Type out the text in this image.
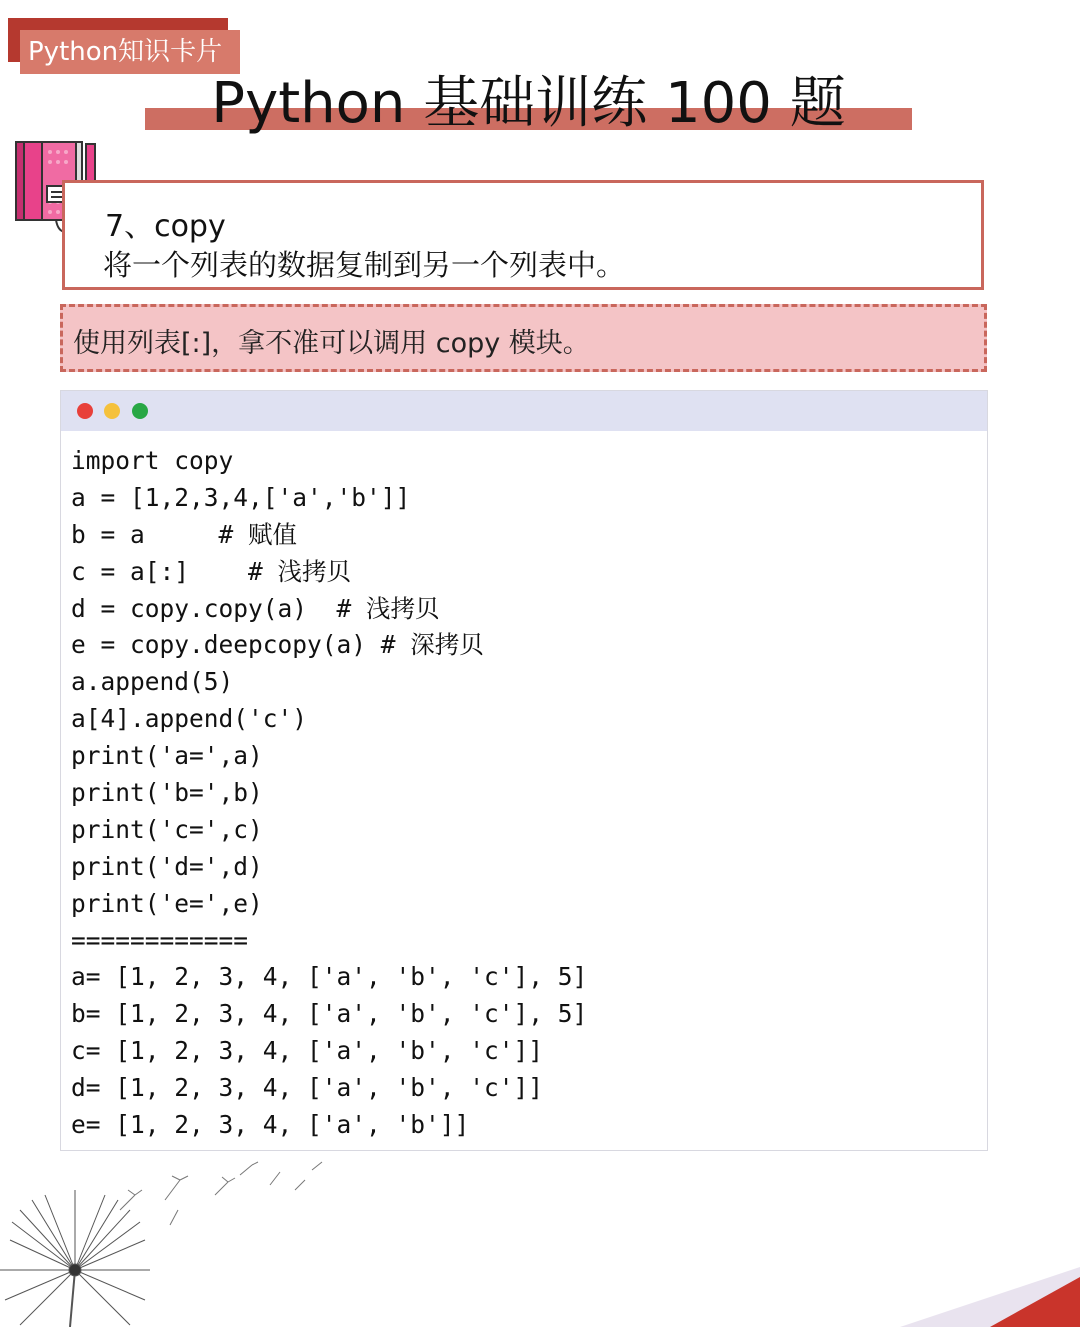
Python知识卡片
Python 基础训练 100 题
7、copy
将一个列表的数据复制到另一个列表中。
使用列表[:]，拿不准可以调用 copy 模块。
import copy
a = [1,2,3,4,['a','b']]
b = a     # 赋值
c = a[:]    # 浅拷贝
d = copy.copy(a)  # 浅拷贝
e = copy.deepcopy(a) # 深拷贝
a.append(5)
a[4].append('c')
print('a=',a)
print('b=',b)
print('c=',c)
print('d=',d)
print('e=',e)
============
a= [1, 2, 3, 4, ['a', 'b', 'c'], 5]
b= [1, 2, 3, 4, ['a', 'b', 'c'], 5]
c= [1, 2, 3, 4, ['a', 'b', 'c']]
d= [1, 2, 3, 4, ['a', 'b', 'c']]
e= [1, 2, 3, 4, ['a', 'b']]
